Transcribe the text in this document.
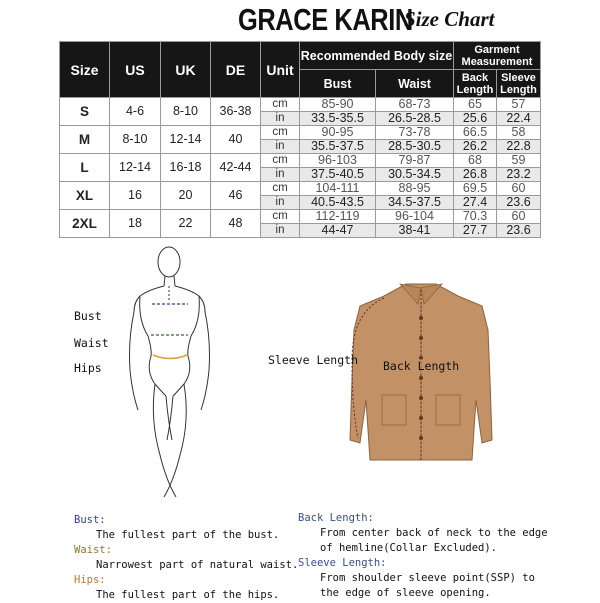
GRACE KARIN
Size Chart
Size	US	UK	DE	Unit	Recommended Body size		Garment Measurement	
					Bust	Waist	Back Length	Sleeve Length
S	4-6	8-10	36-38	cm	85-90	68-73	65	57
				in	33.5-35.5	26.5-28.5	25.6	22.4
M	8-10	12-14	40	cm	90-95	73-78	66.5	58
				in	35.5-37.5	28.5-30.5	26.2	22.8
L	12-14	16-18	42-44	cm	96-103	79-87	68	59
				in	37.5-40.5	30.5-34.5	26.8	23.2
XL	16	20	46	cm	104-111	88-95	69.5	60
				in	40.5-43.5	34.5-37.5	27.4	23.6
2XL	18	22	48	cm	112-119	96-104	70.3	60
				in	44-47	38-41	27.7	23.6
Bust
Waist
Hips
Sleeve Length Back Length
Bust:
The fullest part of the bust.
Waist:
Narrowest part of natural waist.
Hips:
The fullest part of the hips.
Back Length:
From center back of neck to the edge
of hemline(Collar Excluded).
Sleeve Length:
From shoulder sleeve point(SSP) to
the edge of sleeve opening.
